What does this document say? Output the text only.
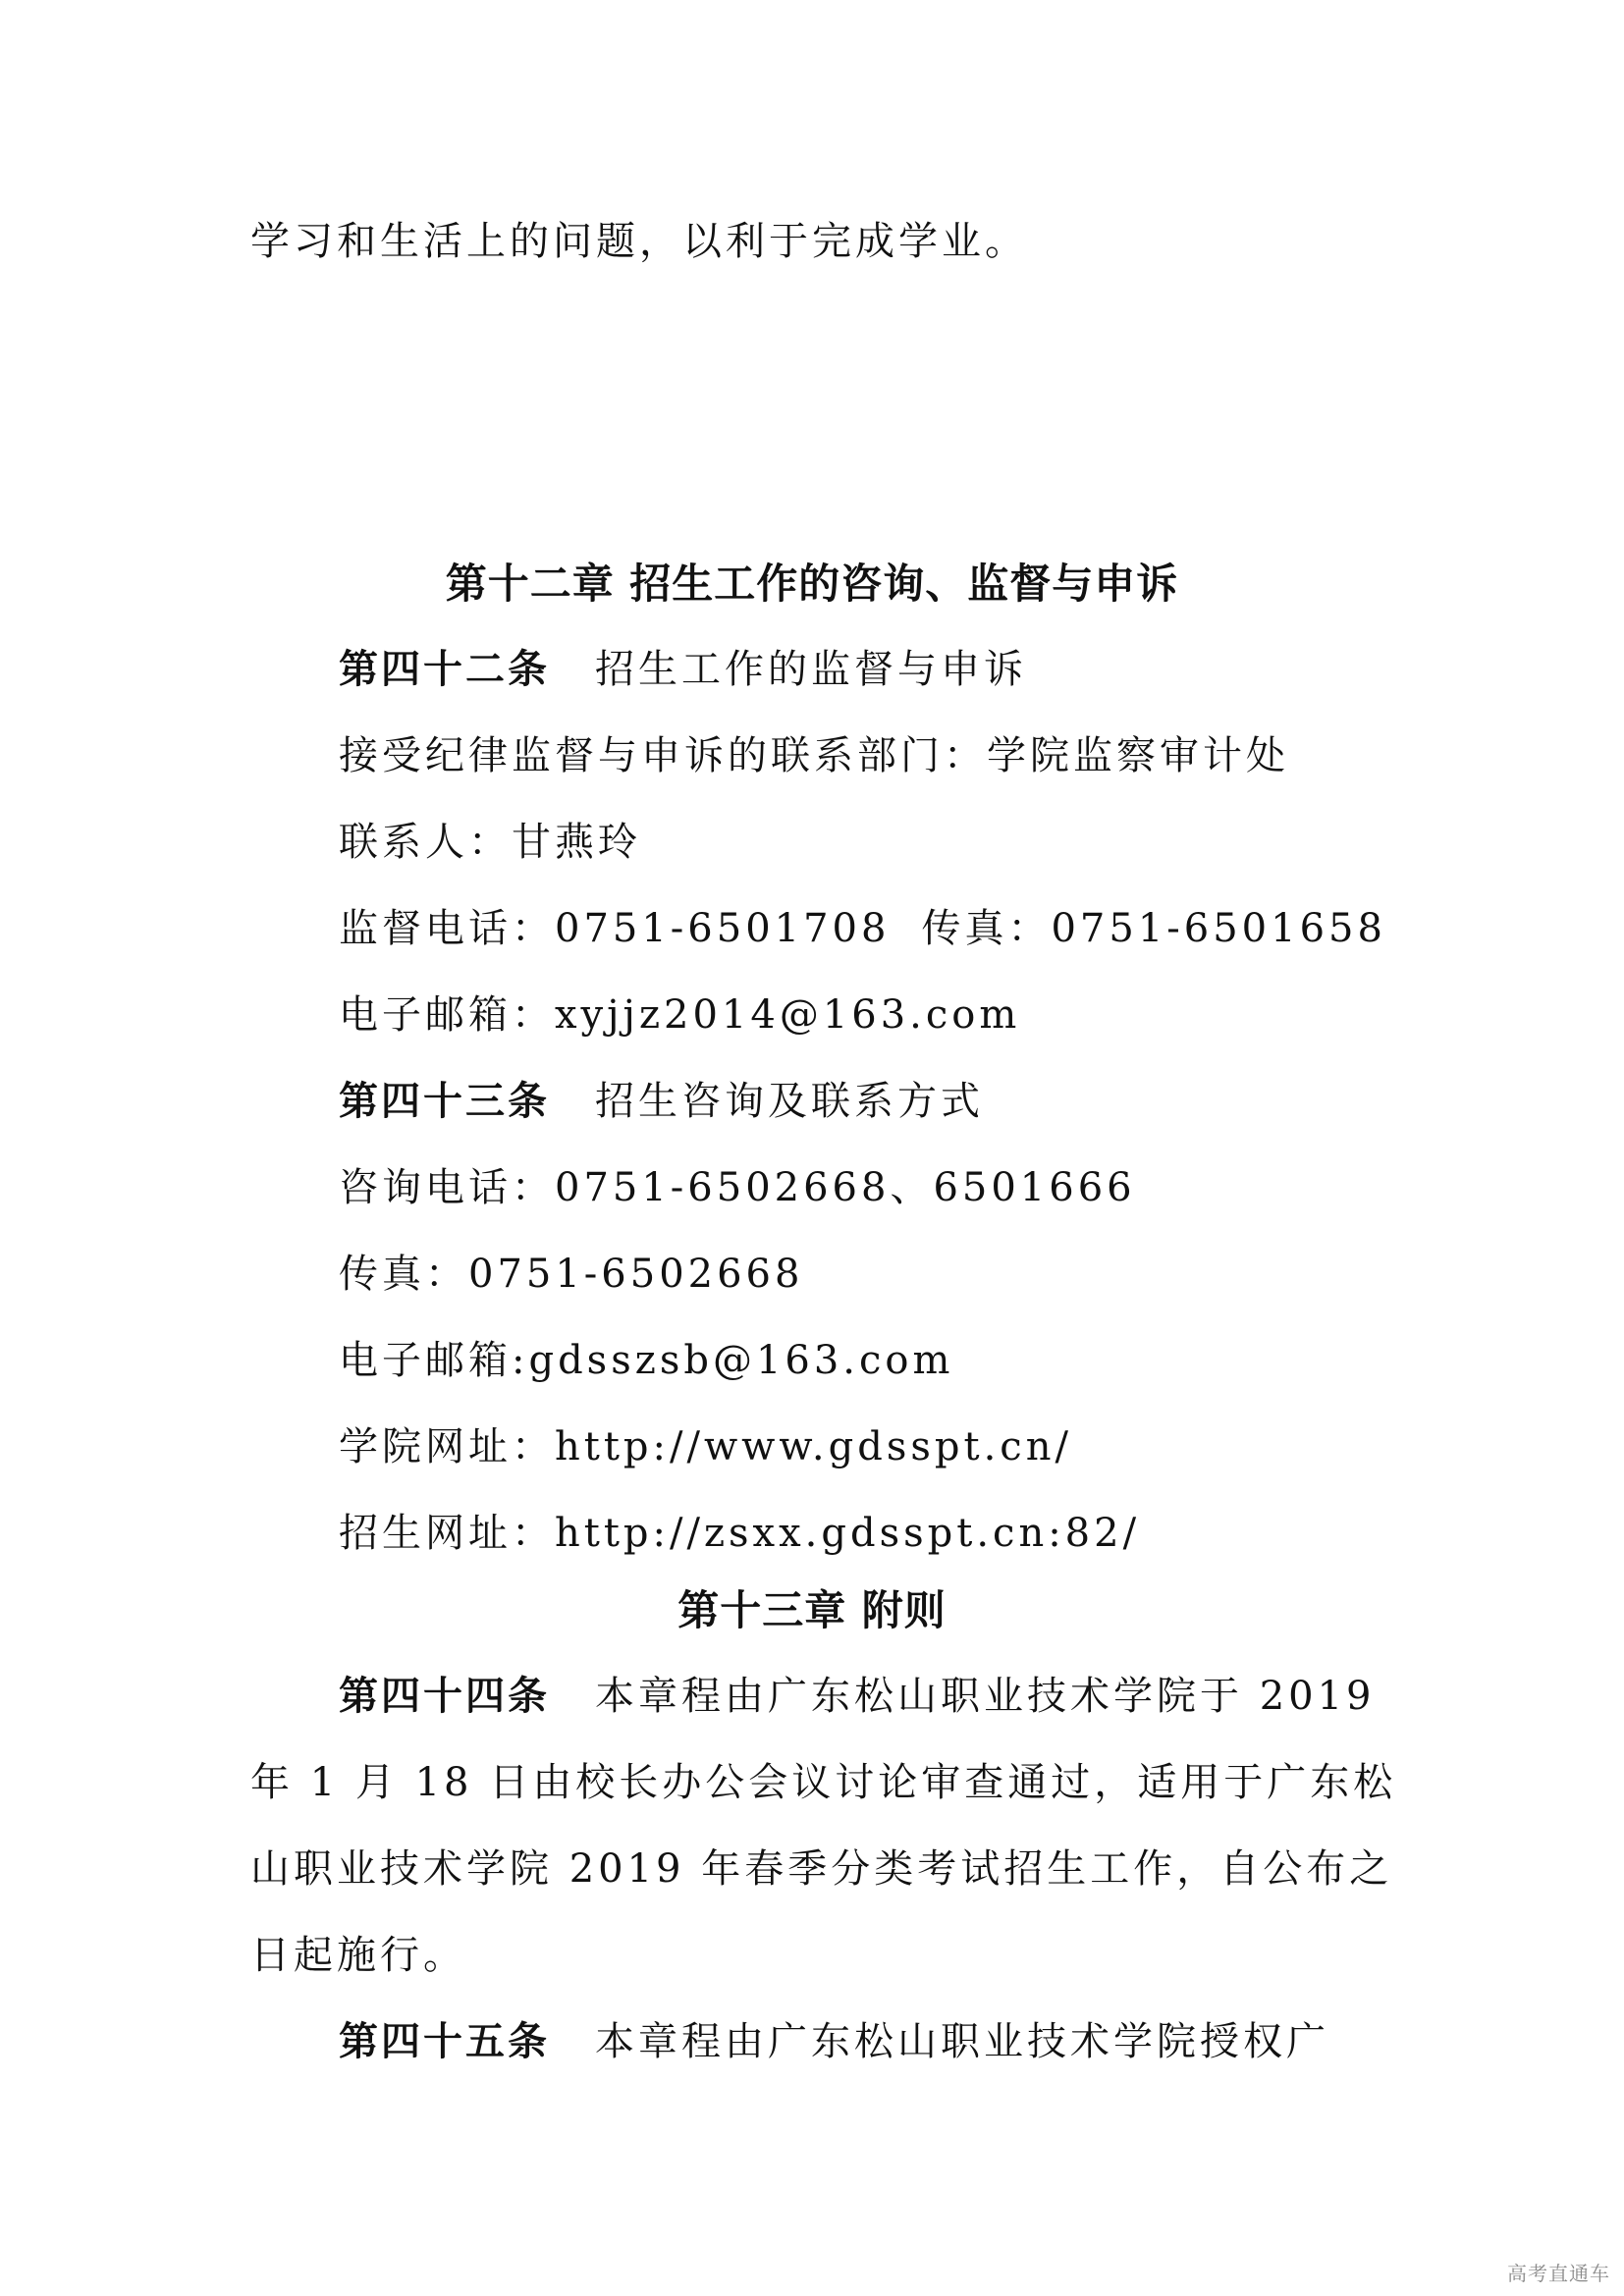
学习和生活上的问题，以利于完成学业。
第十二章 招生工作的咨询、监督与申诉
第四十二条 招生工作的监督与申诉
接受纪律监督与申诉的联系部门：学院监察审计处
联系人：甘燕玲
监督电话：0751-6501708 传真：0751-6501658
电子邮箱：xyjjz2014@163.com
第四十三条 招生咨询及联系方式
咨询电话：0751-6502668、6501666
传真：0751-6502668
电子邮箱:gdsszsb@163.com
学院网址：http://www.gdsspt.cn/
招生网址：http://zsxx.gdsspt.cn:82/
第十三章 附则
第四十四条 本章程由广东松山职业技术学院于 2019
年 1 月 18 日由校长办公会议讨论审查通过，适用于广东松
山职业技术学院 2019 年春季分类考试招生工作，自公布之
日起施行。
第四十五条 本章程由广东松山职业技术学院授权广
高考直通车
